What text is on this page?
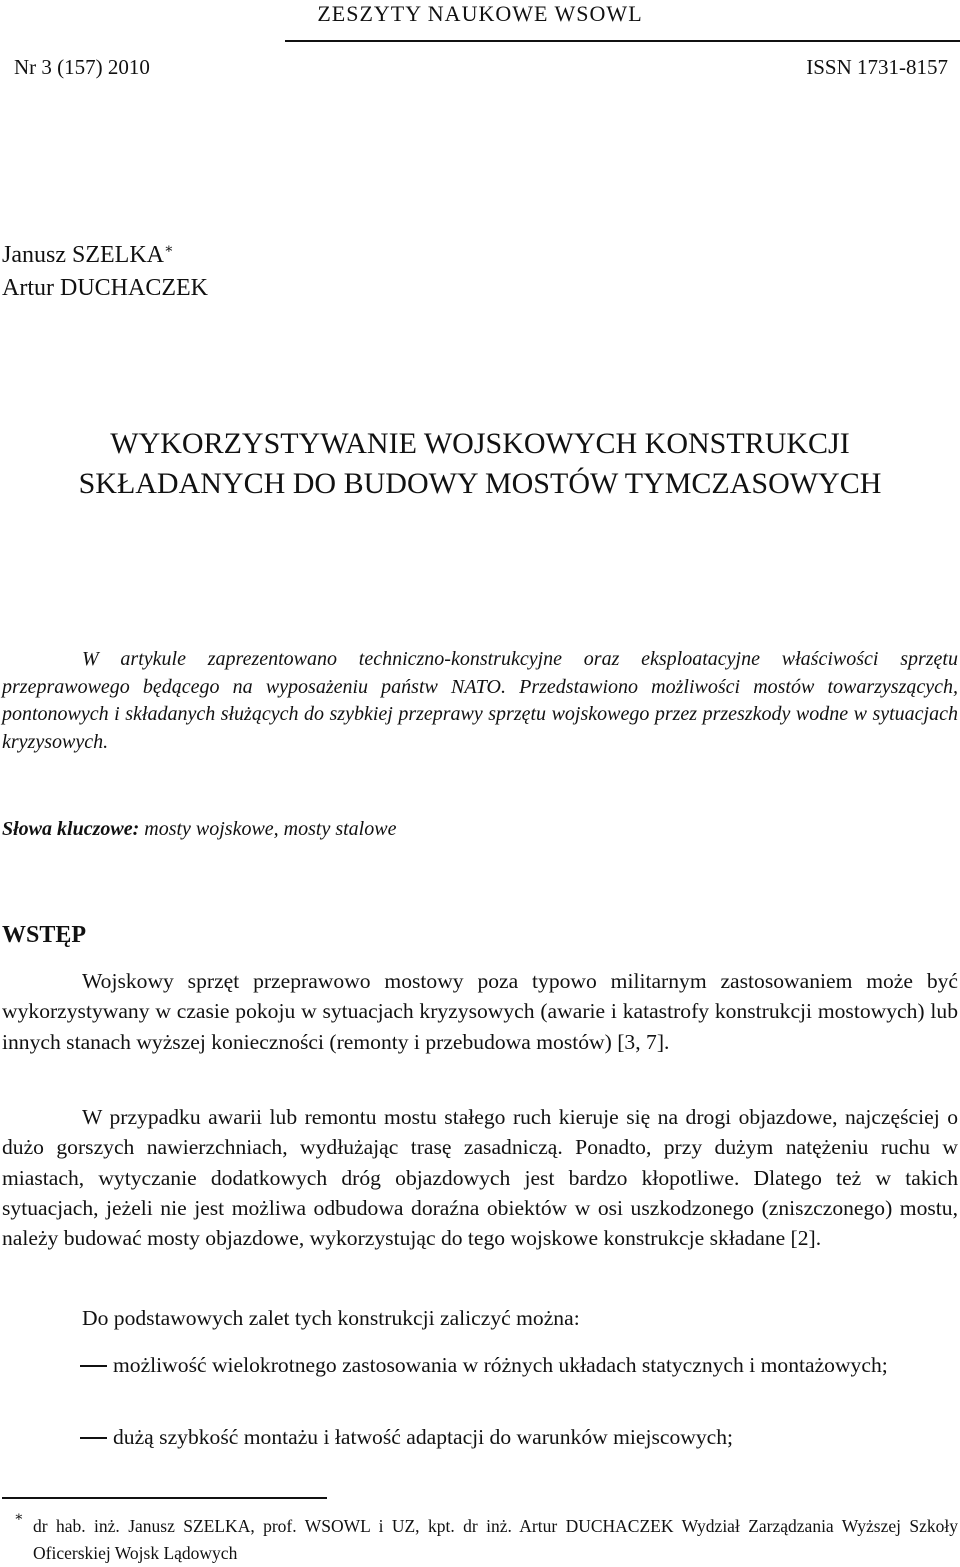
ZESZYTY NAUKOWE WSOWL
Nr 3 (157) 2010	ISSN 1731-8157
Janusz SZELKA∗
Artur DUCHACZEK
WYKORZYSTYWANIE WOJSKOWYCH KONSTRUKCJI
SKŁADANYCH DO BUDOWY MOSTÓW TYMCZASOWYCH

W artykule zaprezentowano techniczno-konstrukcyjne oraz eksploatacyjne właściwości sprzętu przeprawowego będącego na wyposażeniu państw NATO. Przedstawiono możliwości mostów towarzyszących, pontonowych i składanych służących do szybkiej przeprawy sprzętu wojskowego przez przeszkody wodne w sytuacjach kryzysowych.

Słowa kluczowe: mosty wojskowe, mosty stalowe
WSTĘP

Wojskowy sprzęt przeprawowo mostowy poza typowo militarnym zastosowaniem może być wykorzystywany w czasie pokoju w sytuacjach kryzysowych (awarie i katastrofy konstrukcji mostowych) lub innych stanach wyższej konieczności (remonty i przebudowa mostów) [3, 7].

W przypadku awarii lub remontu mostu stałego ruch kieruje się na drogi objazdowe, najczęściej o dużo gorszych nawierzchniach, wydłużając trasę zasadniczą. Ponadto, przy dużym natężeniu ruchu w miastach, wytyczanie dodatkowych dróg objazdowych jest bardzo kłopotliwe. Dlatego też w takich sytuacjach, jeżeli nie jest możliwa odbudowa doraźna obiektów w osi uszkodzonego (zniszczonego) mostu, należy budować mosty objazdowe, wykorzystując do tego wojskowe konstrukcje składane [2].

Do podstawowych zalet tych konstrukcji zaliczyć można:

możliwość wielokrotnego zastosowania w różnych układach statycznych i montażowych;
dużą szybkość montażu i łatwość adaptacji do warunków miejscowych;
∗ dr hab. inż. Janusz SZELKA, prof. WSOWL i UZ, kpt. dr inż. Artur DUCHACZEK Wydział Zarządzania Wyższej Szkoły Oficerskiej Wojsk Lądowych
